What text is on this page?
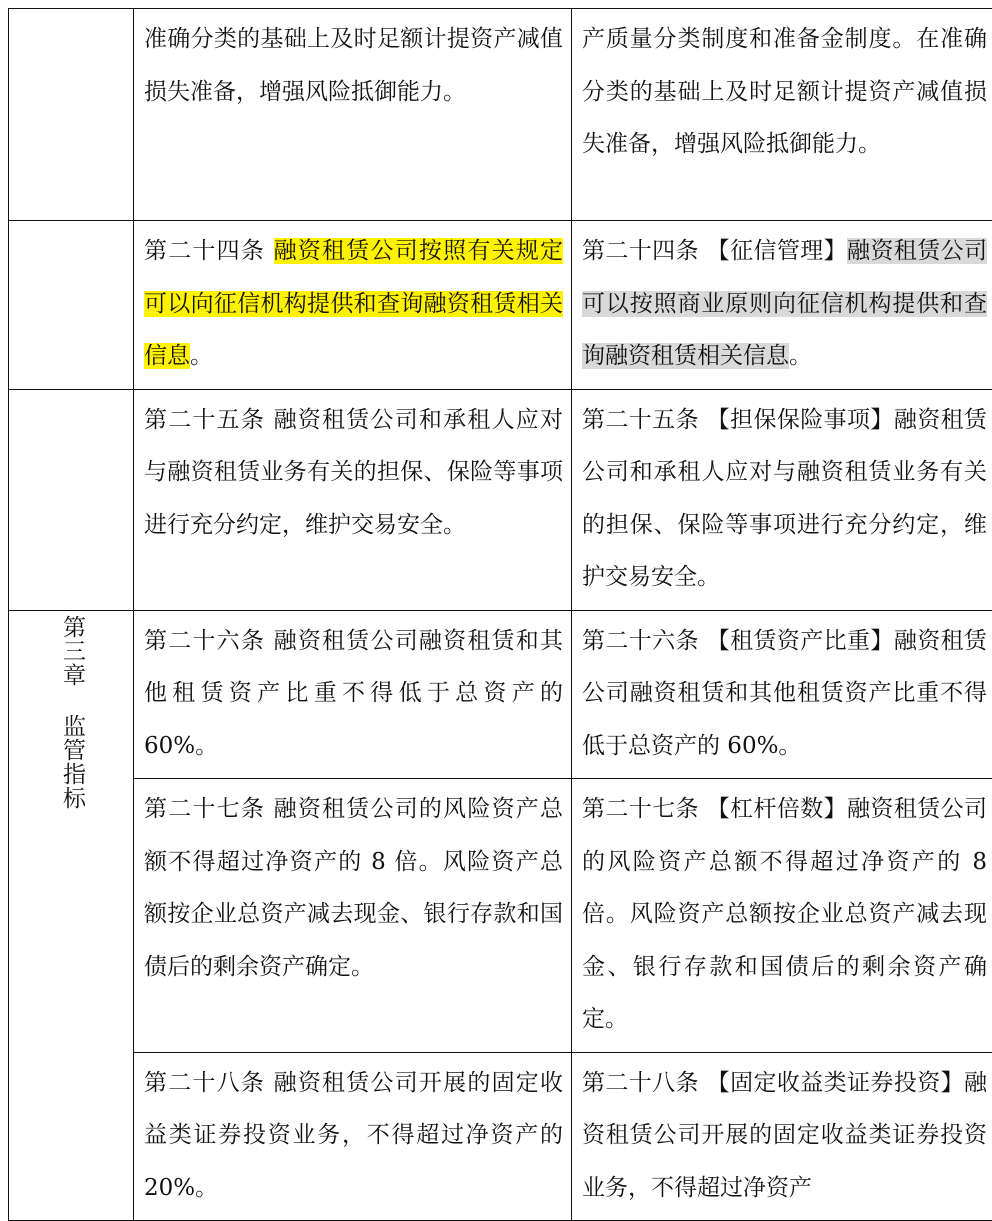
	准确分类的基础上及时足额计提资产减值损失准备，增强风险抵御能力。	产质量分类制度和准备金制度。在准确分类的基础上及时足额计提资产减值损失准备，增强风险抵御能力。
	第二十四条 融资租赁公司按照有关规定可以向征信机构提供和查询融资租赁相关信息。	第二十四条 【征信管理】融资租赁公司可以按照商业原则向征信机构提供和查询融资租赁相关信息。
	第二十五条 融资租赁公司和承租人应对与融资租赁业务有关的担保、保险等事项进行充分约定，维护交易安全。	第二十五条 【担保保险事项】融资租赁公司和承租人应对与融资租赁业务有关的担保、保险等事项进行充分约定，维护交易安全。

第三章 监管指标	第二十六条 融资租赁公司融资租赁和其他租赁资产比重不得低于总资产的 60%。	第二十六条 【租赁资产比重】融资租赁公司融资租赁和其他租赁资产比重不得低于总资产的 60%。
	第二十七条 融资租赁公司的风险资产总额不得超过净资产的 8 倍。风险资产总额按企业总资产减去现金、银行存款和国债后的剩余资产确定。	第二十七条 【杠杆倍数】融资租赁公司的风险资产总额不得超过净资产的 8 倍。风险资产总额按企业总资产减去现金、银行存款和国债后的剩余资产确定。
	第二十八条 融资租赁公司开展的固定收益类证券投资业务，不得超过净资产的 20%。	第二十八条 【固定收益类证券投资】融资租赁公司开展的固定收益类证券投资业务，不得超过净资产
